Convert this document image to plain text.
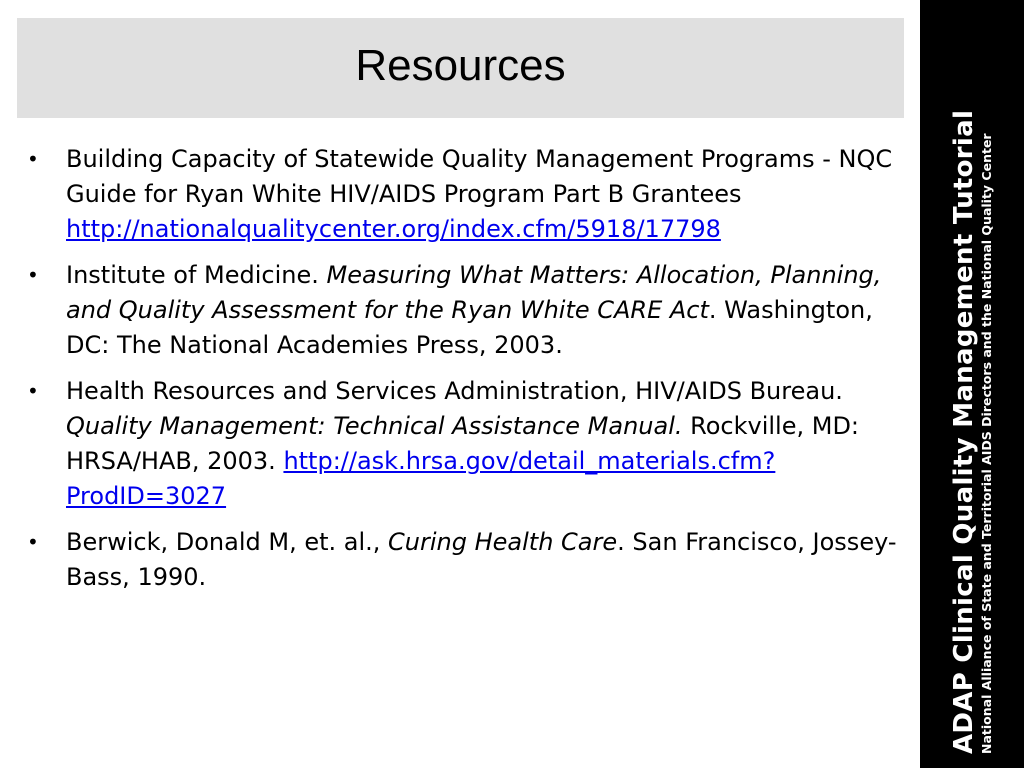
Resources
• Building Capacity of Statewide Quality Management Programs - NQC Guide for Ryan White HIV/AIDS Program Part B Grantees http://nationalqualitycenter.org/index.cfm/5918/17798
• Institute of Medicine. Measuring What Matters: Allocation, Planning, and Quality Assessment for the Ryan White CARE Act. Washington, DC: The National Academies Press, 2003.
• Health Resources and Services Administration, HIV/AIDS Bureau. Quality Management: Technical Assistance Manual. Rockville, MD: HRSA/HAB, 2003. http://ask.hrsa.gov/detail_materials.cfm?ProdID=3027
• Berwick, Donald M, et. al., Curing Health Care. San Francisco, Jossey-Bass, 1990.	ADAP Clinical Quality Management Tutorial National Alliance of State and Territorial AIDS Directors and the National Quality Center
